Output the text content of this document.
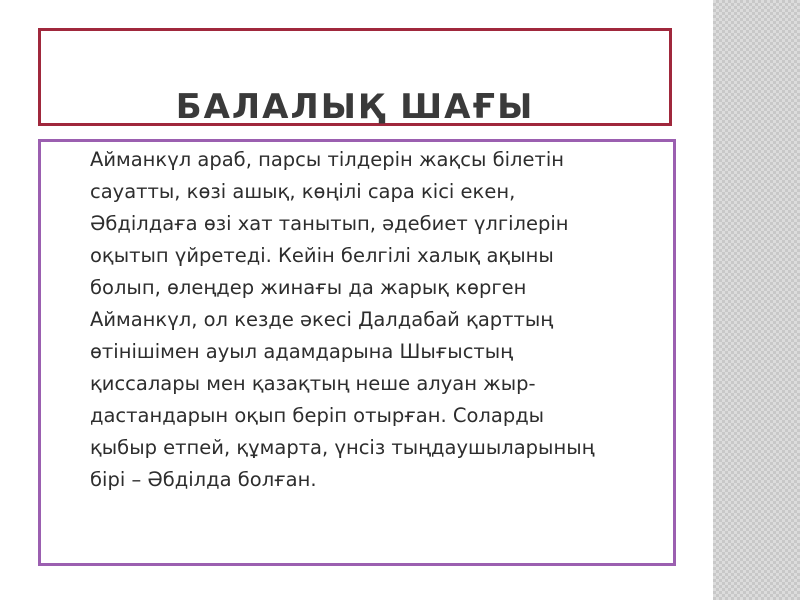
БАЛАЛЫҚ ШАҒЫ

Айманкүл араб, парсы тілдерін жақсы білетін
сауатты, көзі ашық, көңілі сара кісі екен,
Әбділдаға өзі хат танытып, әдебиет үлгілерін
оқытып үйретеді. Кейін белгілі халық ақыны
болып, өлеңдер жинағы да жарық көрген
Айманкүл, ол кезде әкесі Далдабай қарттың
өтінішімен ауыл адамдарына Шығыстың
қиссалары мен қазақтың неше алуан жыр-
дастандарын оқып беріп отырған. Соларды
қыбыр етпей, құмарта, үнсіз тыңдаушыларының
бірі – Әбділда болған.
